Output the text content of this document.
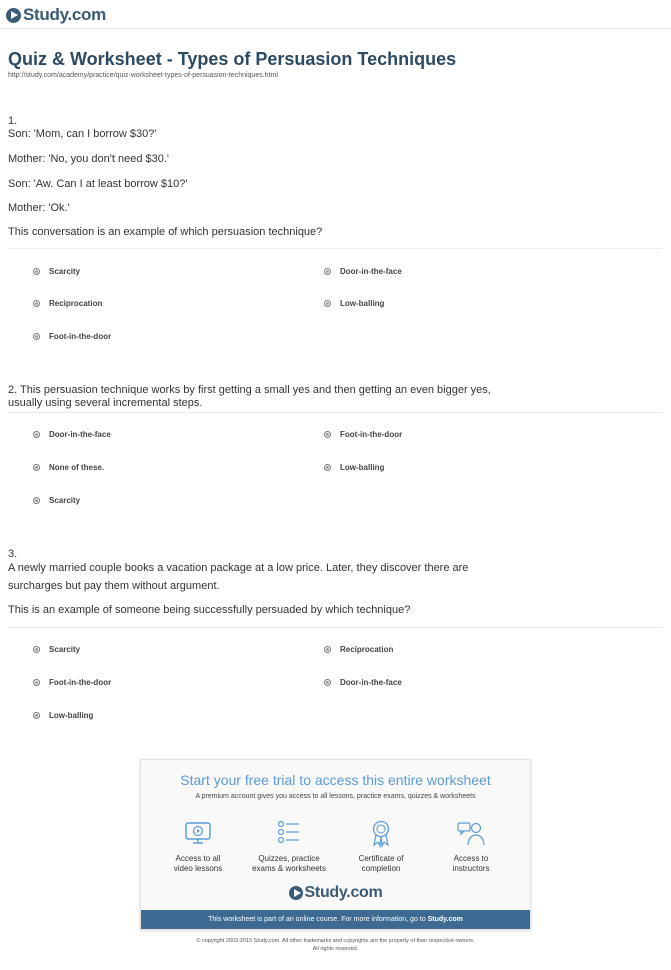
Study.com
Quiz & Worksheet - Types of Persuasion Techniques
http://study.com/academy/practice/quiz-worksheet-types-of-persuasion-techniques.html
1.
Son: 'Mom, can I borrow $30?'
Mother: 'No, you don't need $30.'
Son: 'Aw. Can I at least borrow $10?'
Mother: 'Ok.'
This conversation is an example of which persuasion technique?
Scarcity	Door-in-the-face
Reciprocation	Low-balling
Foot-in-the-door
2. This persuasion technique works by first getting a small yes and then getting an even bigger yes,
usually using several incremental steps.
Door-in-the-face	Foot-in-the-door
None of these.	Low-balling
Scarcity
3.
A newly married couple books a vacation package at a low price. Later, they discover there are
surcharges but pay them without argument.
This is an example of someone being successfully persuaded by which technique?
Scarcity	Reciprocation
Foot-in-the-door	Door-in-the-face
Low-balling
Start your free trial to access this entire worksheet
A premium account gives you access to all lessons, practice exams, quizzes & worksheets
Access to all
video lessons
Quizzes, practice
exams & worksheets
Certificate of
completion
Access to
instructors
Study.com
This worksheet is part of an online course. For more information, go to Study.com
© copyright 2003-2015 Study.com. All other trademarks and copyrights are the property of their respective owners.
All rights reserved.
